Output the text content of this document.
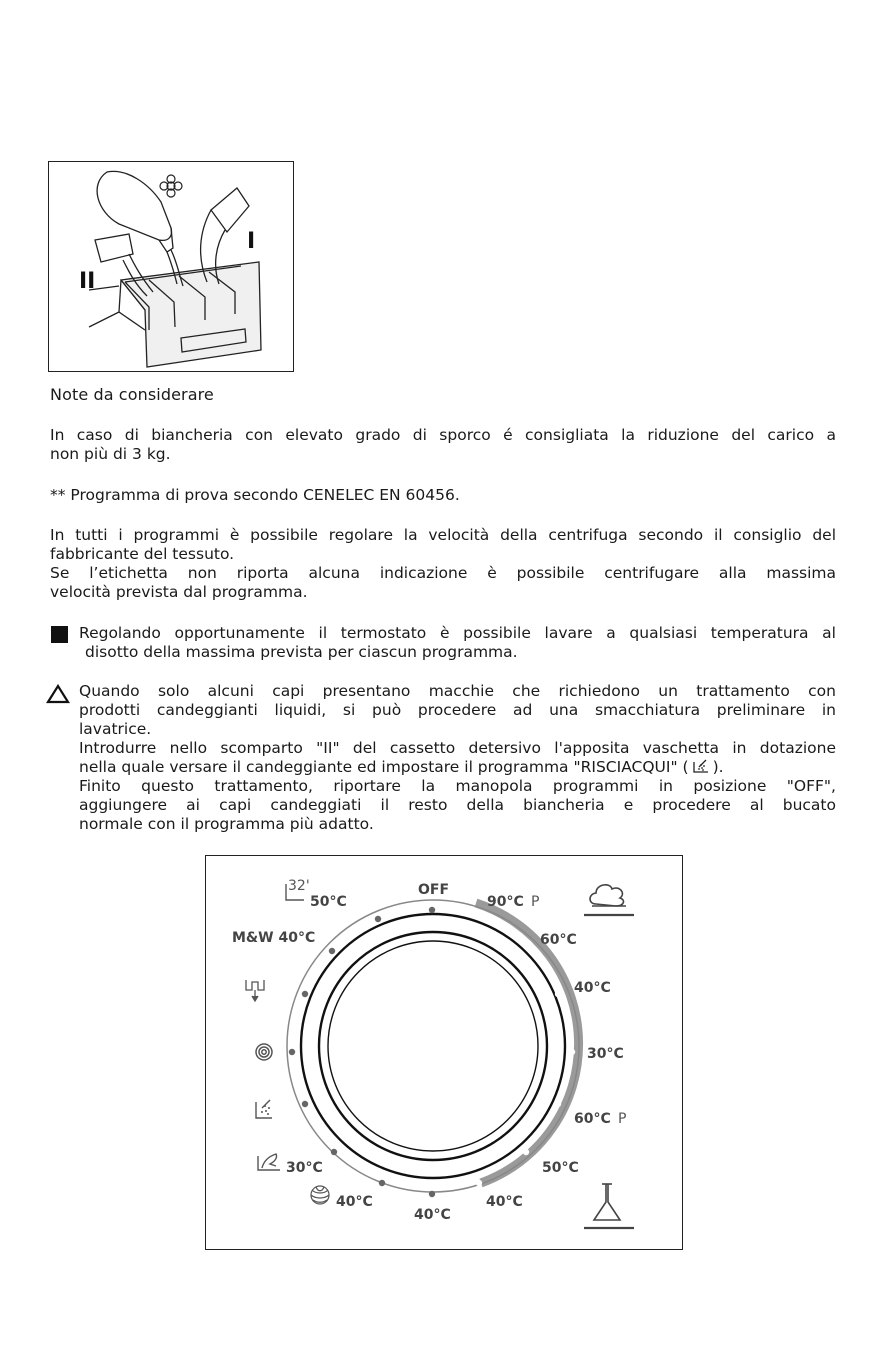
I
II
Note da considerare
In caso di biancheria con elevato grado di sporco é consigliata la riduzione del carico a
non più di 3 kg.
** Programma di prova secondo CENELEC EN 60456.
In tutti i programmi è possibile regolare la velocità della centrifuga secondo il consiglio del
fabbricante del tessuto.
Se l’etichetta non riporta alcuna indicazione è possibile centrifugare alla massima
velocità prevista dal programma.
Regolando opportunamente il termostato è possibile lavare a qualsiasi temperatura al
disotto della massima prevista per ciascun programma.
Quando solo alcuni capi presentano macchie che richiedono un trattamento con
prodotti candeggianti liquidi, si può procedere ad una smacchiatura preliminare in
lavatrice.
Introdurre nello scomparto "II" del cassetto detersivo l'apposita vaschetta in dotazione
nella quale versare il candeggiante ed impostare il programma "RISCIACQUI" ( ).
Finito questo trattamento, riportare la manopola programmi in posizione "OFF",
aggiungere ai capi candeggiati il resto della biancheria e procedere al bucato
normale con il programma più adatto.
OFF
90°C P
60°C
40°C
30°C
60°C P
50°C
40°C
40°C
40°C
30°C
M&W 40°C
50°C
32'
